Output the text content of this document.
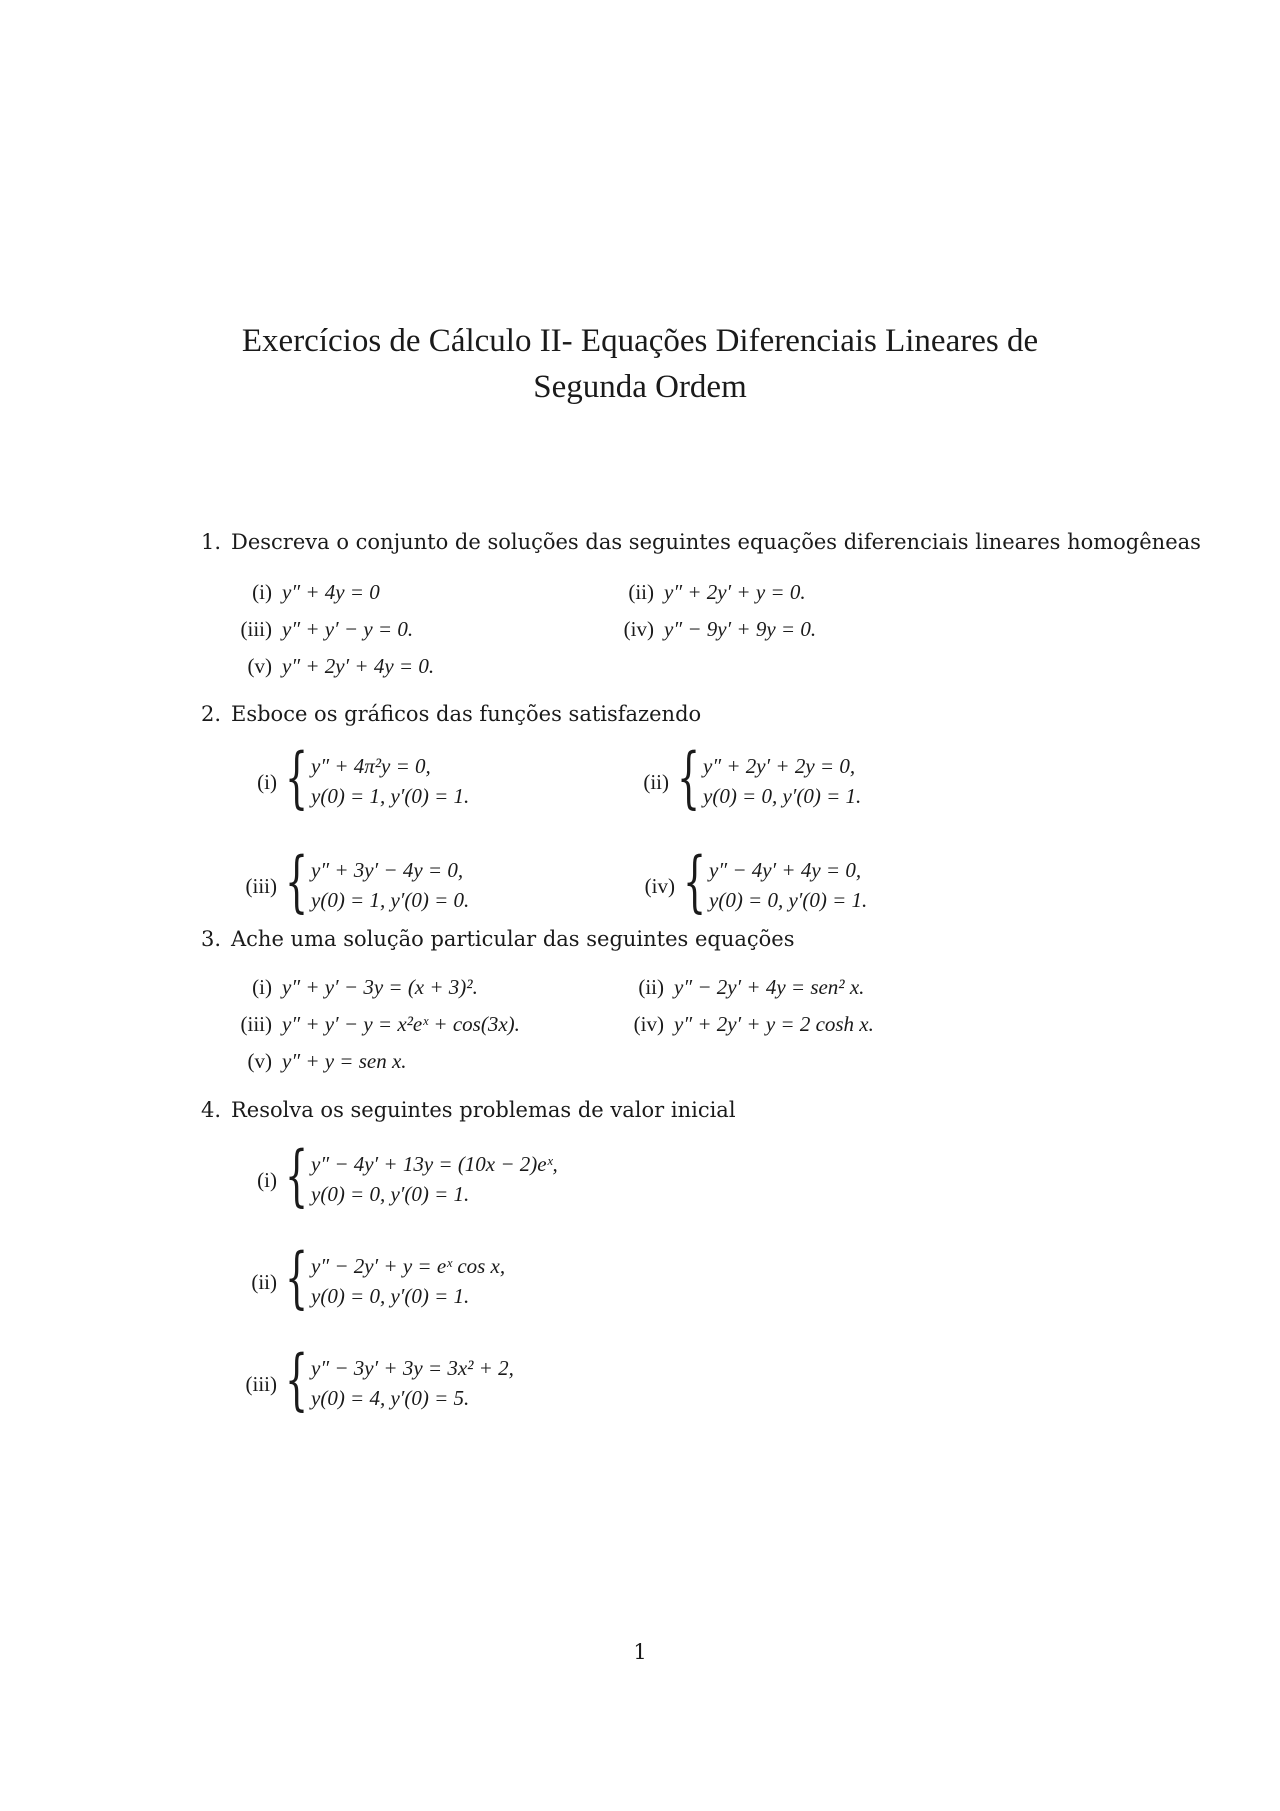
Exercícios de Cálculo II- Equações Diferenciais Lineares de
Segunda Ordem
1. Descreva o conjunto de soluções das seguintes equações diferenciais lineares homogêneas
(i) y″ + 4y = 0	(ii) y″ + 2y′ + y = 0.
(iii) y″ + y′ − y = 0.	(iv) y″ − 9y′ + 9y = 0.
(v) y″ + 2y′ + 4y = 0.
2. Esboce os gráficos das funções satisfazendo
(i) { y″ + 4π²y = 0,
y(0) = 1, y′(0) = 1.
(ii) { y″ + 2y′ + 2y = 0,
y(0) = 0, y′(0) = 1.
(iii) { y″ + 3y′ − 4y = 0,
y(0) = 1, y′(0) = 0.
(iv) { y″ − 4y′ + 4y = 0,
y(0) = 0, y′(0) = 1.
3. Ache uma solução particular das seguintes equações
(i) y″ + y′ − 3y = (x + 3)².	(ii) y″ − 2y′ + 4y = sen² x.
(iii) y″ + y′ − y = x²eˣ + cos(3x).	(iv) y″ + 2y′ + y = 2 cosh x.
(v) y″ + y = sen x.
4. Resolva os seguintes problemas de valor inicial
(i) { y″ − 4y′ + 13y = (10x − 2)eˣ,
y(0) = 0, y′(0) = 1.
(ii) { y″ − 2y′ + y = eˣ cos x,
y(0) = 0, y′(0) = 1.
(iii) { y″ − 3y′ + 3y = 3x² + 2,
y(0) = 4, y′(0) = 5.
1
